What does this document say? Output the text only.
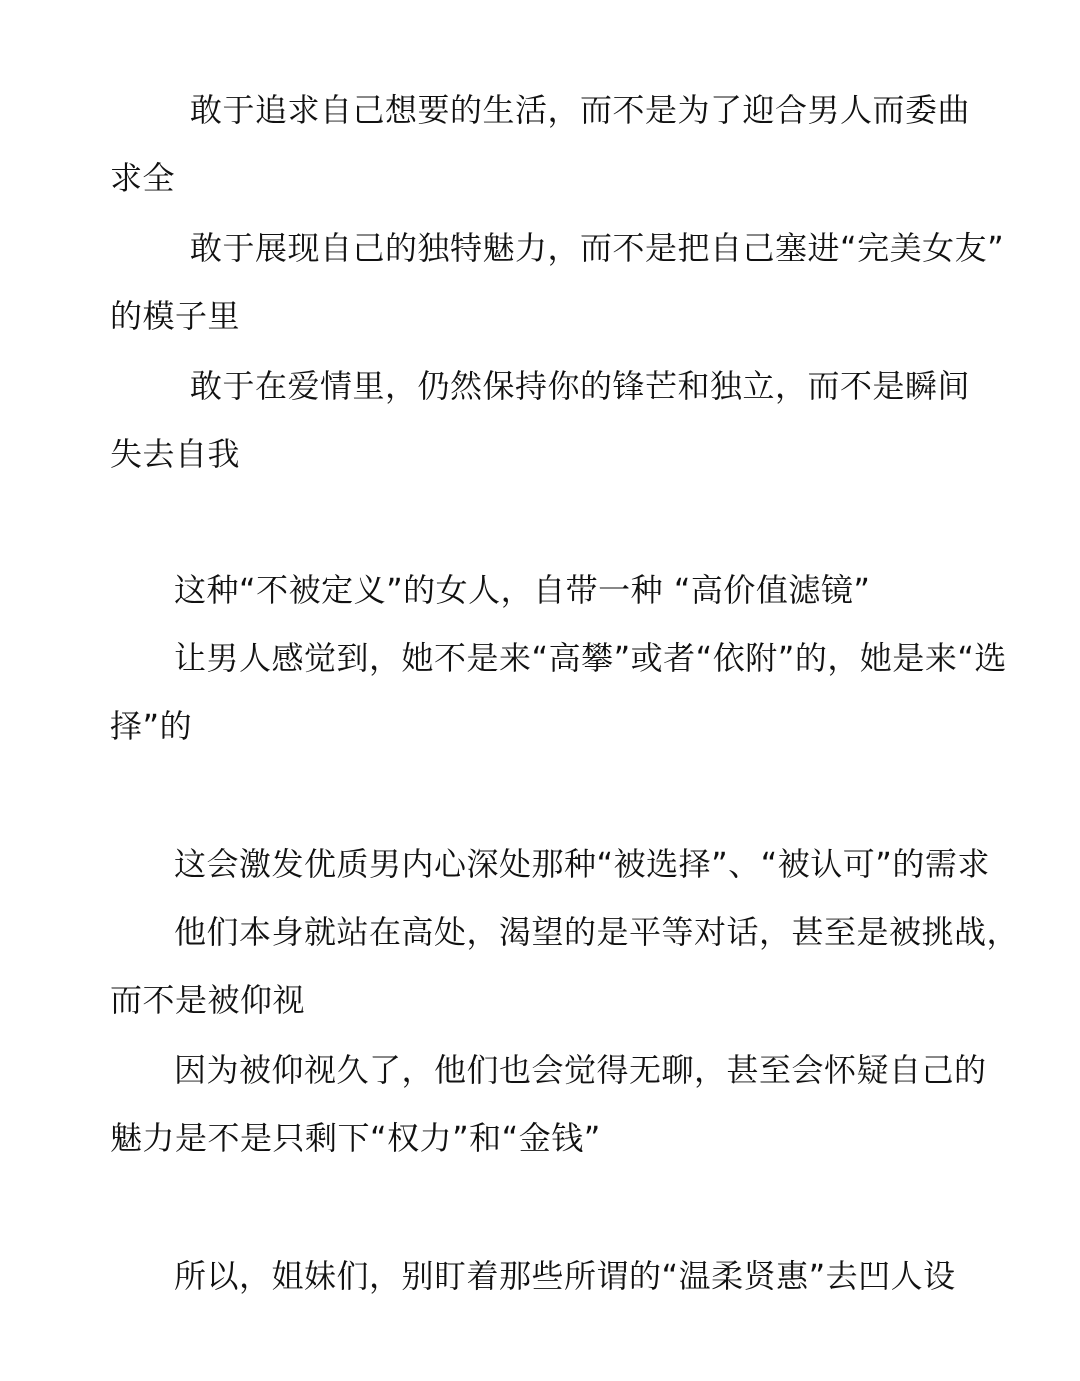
敢于追求自己想要的生活，而不是为了迎合男人而委曲
求全
敢于展现自己的独特魅力，而不是把自己塞进“完美女友”
的模子里
敢于在爱情里，仍然保持你的锋芒和独立，而不是瞬间
失去自我
这种“不被定义”的女人，自带一种 “高价值滤镜”
让男人感觉到，她不是来“高攀”或者“依附”的，她是来“选
择”的
这会激发优质男内心深处那种“被选择”、“被认可”的需求
他们本身就站在高处，渴望的是平等对话，甚至是被挑战，
而不是被仰视
因为被仰视久了，他们也会觉得无聊，甚至会怀疑自己的
魅力是不是只剩下“权力”和“金钱”
所以，姐妹们，别盯着那些所谓的“温柔贤惠”去凹人设
